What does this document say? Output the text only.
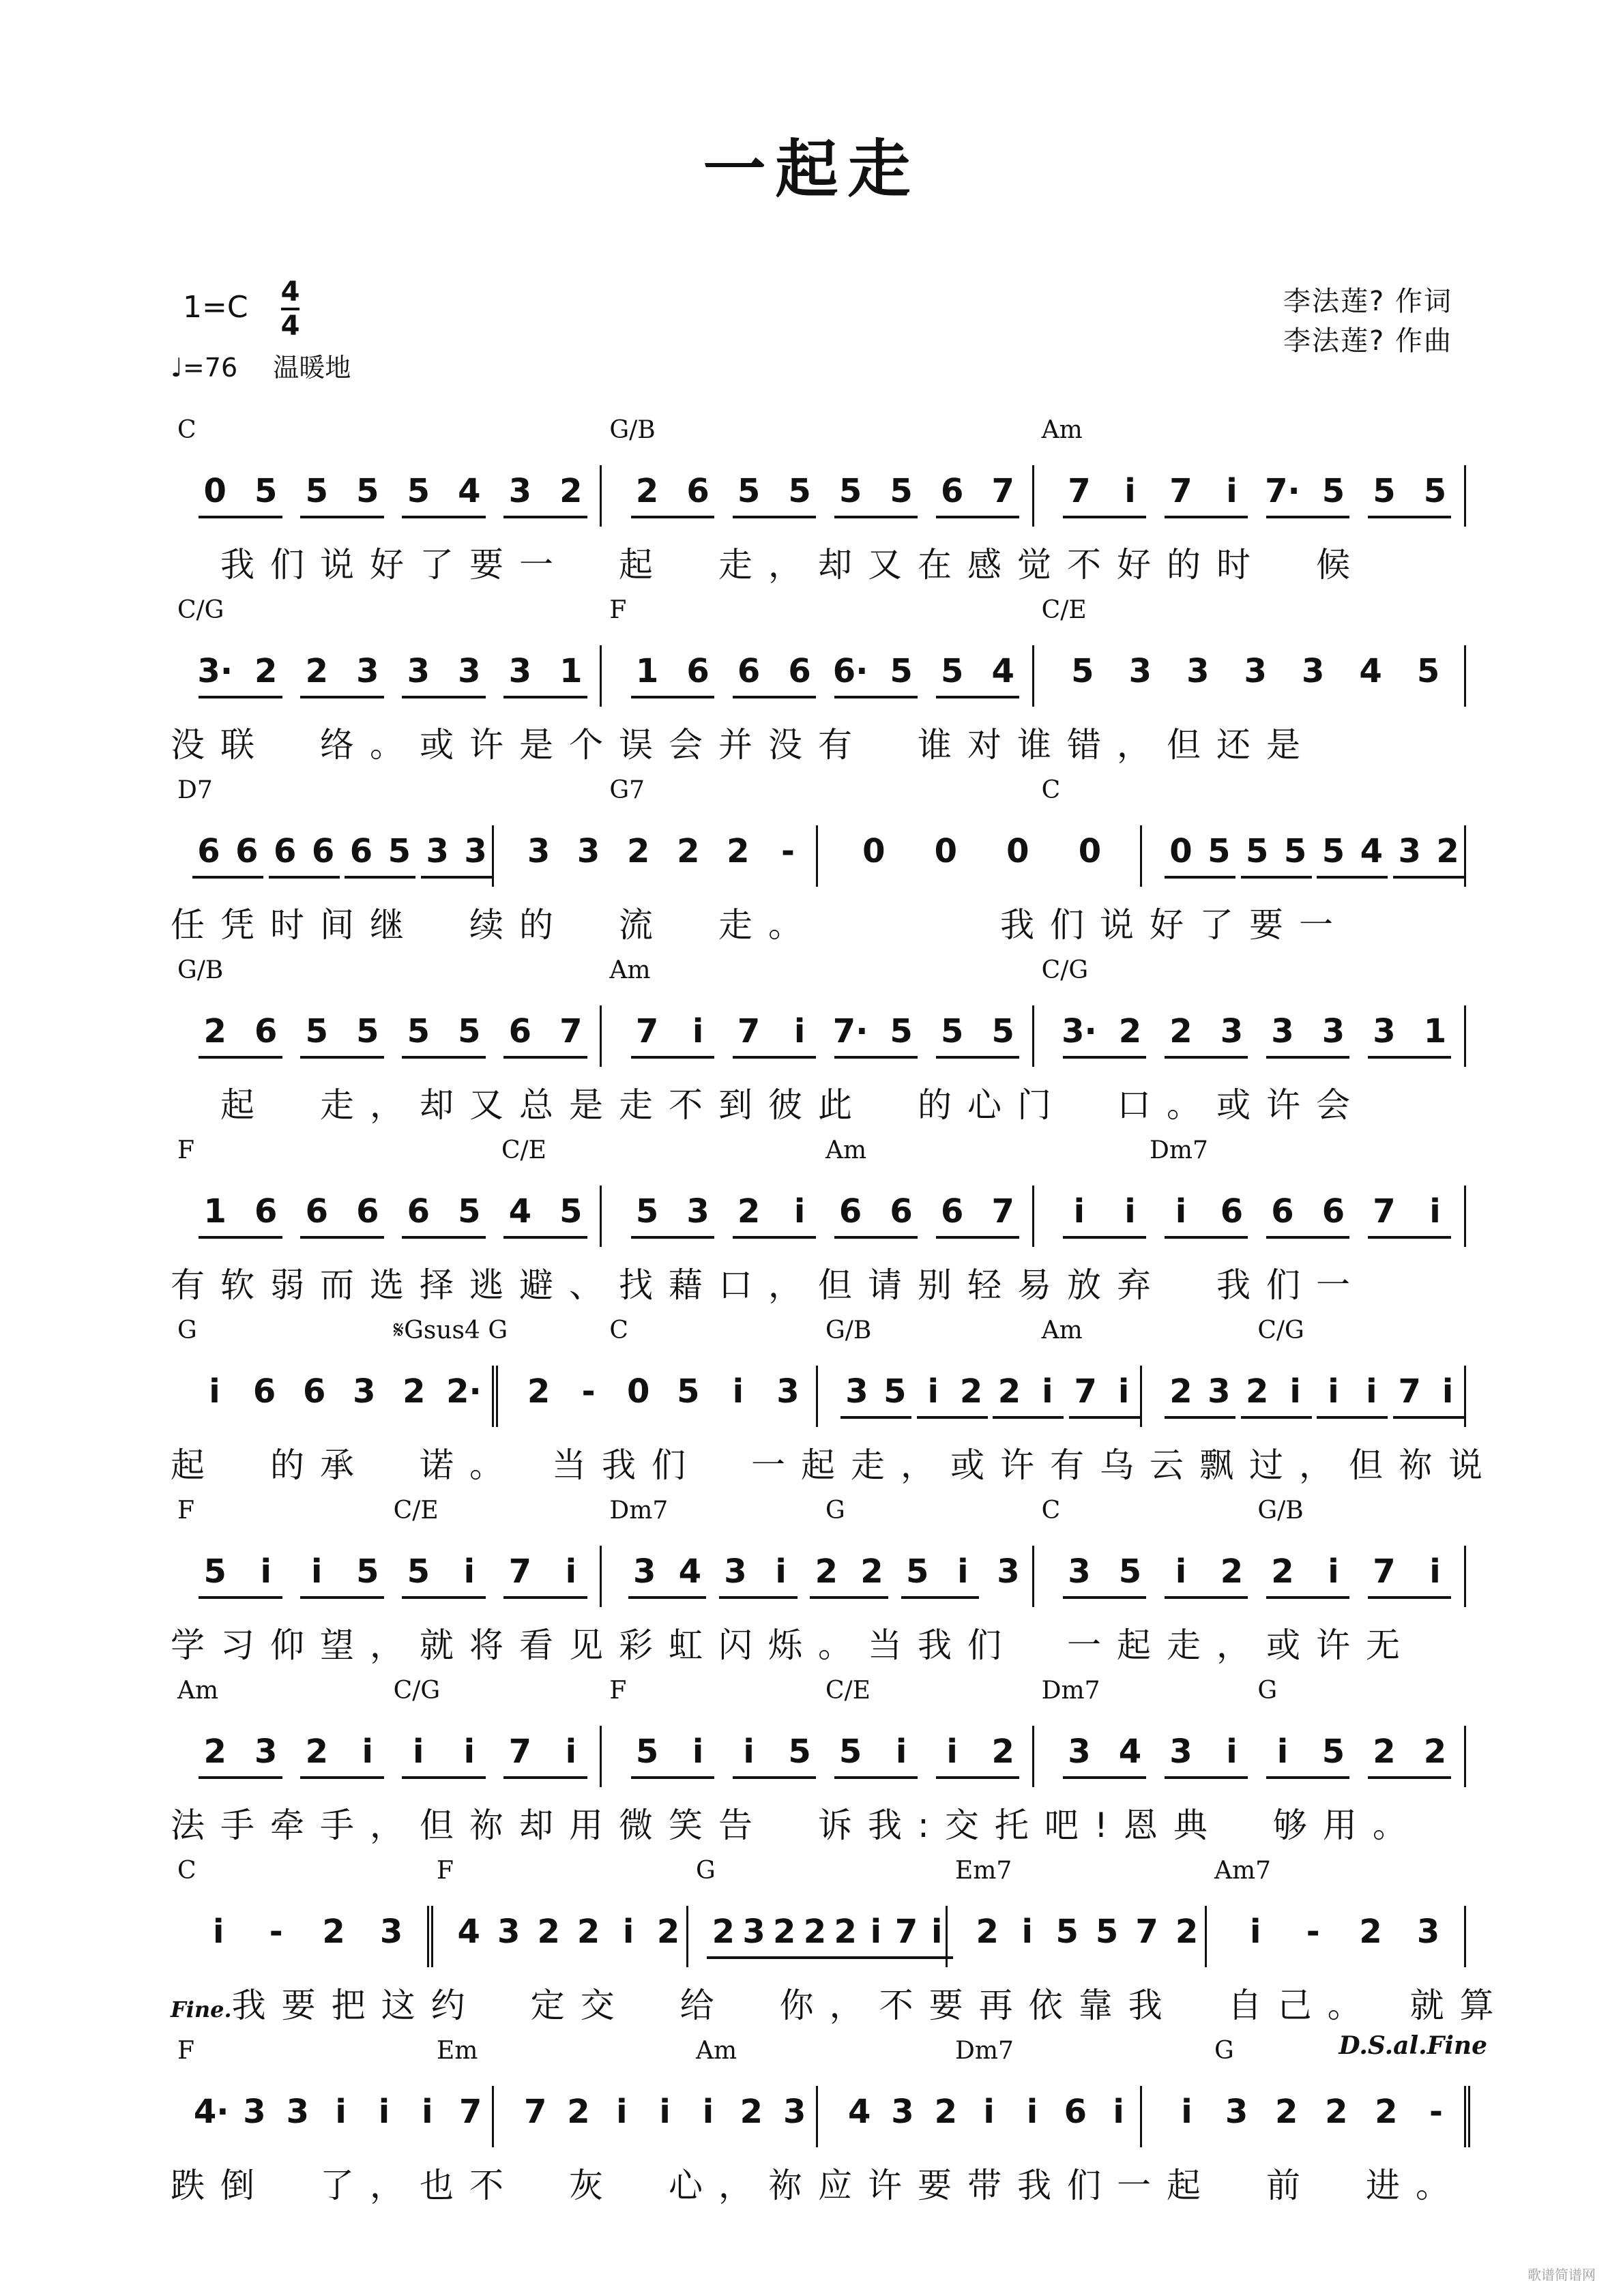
一起走
$1=C \frac{4}{4}$
♩=76 温暖地
李法莲? 作词
李法莲? 作曲
C	G/B	Am
0 5 5 5 5 4 3 2 2 6 5 5 5 5 6 7 7	i	7	i 7· 5 5 5
　我们说好了要一　起　走，却又在感觉不好的时　候
C/G	F	C/E
3· 2 2 3 3 3 3 1 1 6 6 6 6· 5 5 4 5 3 3 3 3 4 5
没联　络。或许是个误会并没有　谁对谁错，但还是
D7	G7	C
6 6 6 6 6 5 3 3 3 3 2 2 2 -	0 0 0 0 0 5 5 5 5 4 3 2
任凭时间继　续的　流　走。　　　　我们说好了要一
G/B	Am	C/G
2 6 5 5 5 5 6 7 7	i	7	i 7· 5 5 5 3· 2 2 3 3 3 3 1
　起　走，却又总是走不到彼此　的心门　口。或许会
F	C/E	Am	Dm7
1 6 6 6 6 5 4 5 5 3 2	i	6 6 6 7	i	i	i	6 6 6 7	i
有软弱而选择逃避、找藉口，但请别轻易放弃　我们一
G	𝄋Gsus4 G	C	G/B	Am	C/G
i	6 6 3 2 2· 2 - 0 5	i	3 3 5 i 2 2 i 7 i	2 3 2 i i i 7 i
起　的承　诺。　当我们　一起走，或许有乌云飘过，但祢说
F	C/E	Dm7	G	C	G/B
5	i	i	5 5	i	7	i	3 4 3 i 2 2 5 i 3 3 5	i	2 2	i	7	i
学习仰望，就将看见彩虹闪烁。当我们　一起走，或许无
Am	C/G	F	C/E	Dm7	G
2 3 2	i	i	i	7	i	5	i	i	5 5	i	i	2 3 4 3	i	i	5 2 2
法手牵手，但祢却用微笑告　诉我:交托吧!恩典　够用。
C	F	G	Em7	Am7
i	-	2 3 4 3 2 2 i 2 2 3 2 2 2 i 7 i	2 i 5 5 7 2	i	-	2 3
Fine.我要把这约　定交　给　你，不要再依靠我　自己。　就算
F	Em	Am	Dm7	G	D.S.al.Fine
4· 3 3 i i i 7 7 2 i i i 2 3 4 3 2 i i 6 i	i	3 2 2 2 -
跌倒　了，也不　灰　心，祢应许要带我们一起　前　进。
歌谱简谱网
